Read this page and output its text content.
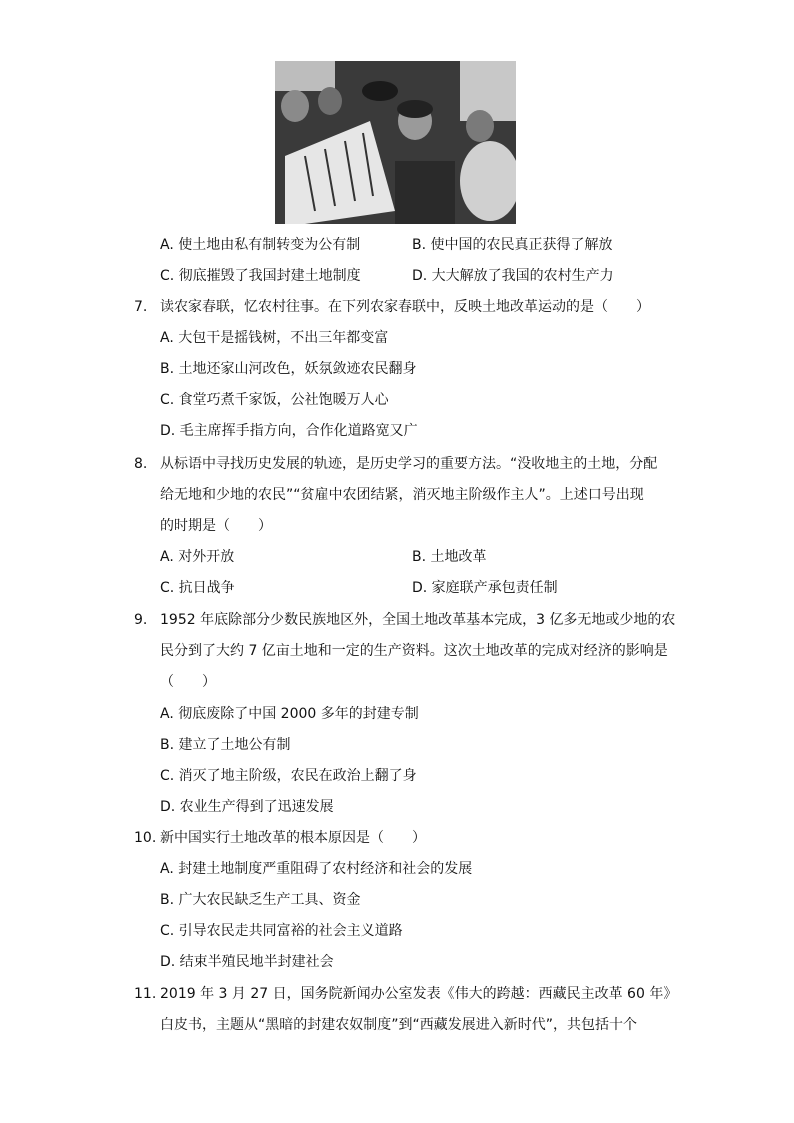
A. 使土地由私有制转变为公有制	B. 使中国的农民真正获得了解放
C. 彻底摧毁了我国封建土地制度	D. 大大解放了我国的农村生产力
7. 读农家春联，忆农村往事。在下列农家春联中，反映土地改革运动的是（　　）
A. 大包干是摇钱树，不出三年都变富
B. 土地还家山河改色，妖氛敛迹农民翻身
C. 食堂巧煮千家饭，公社饱暖万人心
D. 毛主席挥手指方向，合作化道路宽又广
8. 从标语中寻找历史发展的轨迹，是历史学习的重要方法。“没收地主的土地，分配
给无地和少地的农民”“贫雇中农团结紧，消灭地主阶级作主人”。上述口号出现
的时期是（　　）
A. 对外开放	B. 土地改革
C. 抗日战争	D. 家庭联产承包责任制
9. 1952 年底除部分少数民族地区外，全国土地改革基本完成，3 亿多无地或少地的农
民分到了大约 7 亿亩土地和一定的生产资料。这次土地改革的完成对经济的影响是
（　　）
A. 彻底废除了中国 2000 多年的封建专制
B. 建立了土地公有制
C. 消灭了地主阶级，农民在政治上翻了身
D. 农业生产得到了迅速发展
10. 新中国实行土地改革的根本原因是（　　）
A. 封建土地制度严重阻碍了农村经济和社会的发展
B. 广大农民缺乏生产工具、资金
C. 引导农民走共同富裕的社会主义道路
D. 结束半殖民地半封建社会
11. 2019 年 3 月 27 日，国务院新闻办公室发表《伟大的跨越：西藏民主改革 60 年》
白皮书，主题从“黑暗的封建农奴制度”到“西藏发展进入新时代”，共包括十个
